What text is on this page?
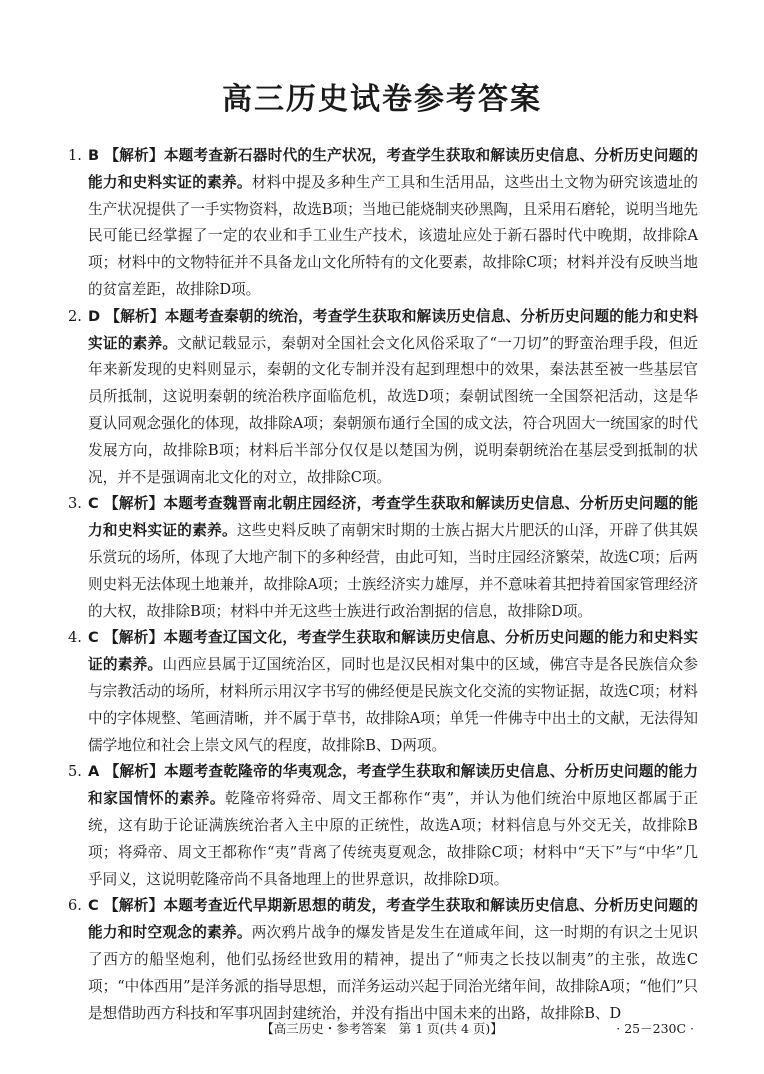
高三历史试卷参考答案

1. B 【解析】本题考查新石器时代的生产状况，考查学生获取和解读历史信息、分析历史问题的能力和史料实证的素养。材料中提及多种生产工具和生活用品，这些出土文物为研究该遗址的生产状况提供了一手实物资料，故选B项；当地已能烧制夹砂黑陶，且采用石磨轮，说明当地先民可能已经掌握了一定的农业和手工业生产技术，该遗址应处于新石器时代中晚期，故排除A项；材料中的文物特征并不具备龙山文化所特有的文化要素，故排除C项；材料并没有反映当地的贫富差距，故排除D项。

2. D 【解析】本题考查秦朝的统治，考查学生获取和解读历史信息、分析历史问题的能力和史料实证的素养。文献记载显示，秦朝对全国社会文化风俗采取了“一刀切”的野蛮治理手段，但近年来新发现的史料则显示，秦朝的文化专制并没有起到理想中的效果，秦法甚至被一些基层官员所抵制，这说明秦朝的统治秩序面临危机，故选D项；秦朝试图统一全国祭祀活动，这是华夏认同观念强化的体现，故排除A项；秦朝颁布通行全国的成文法，符合巩固大一统国家的时代发展方向，故排除B项；材料后半部分仅仅是以楚国为例，说明秦朝统治在基层受到抵制的状况，并不是强调南北文化的对立，故排除C项。

3. C 【解析】本题考查魏晋南北朝庄园经济，考查学生获取和解读历史信息、分析历史问题的能力和史料实证的素养。这些史料反映了南朝宋时期的士族占据大片肥沃的山泽，开辟了供其娱乐赏玩的场所，体现了大地产制下的多种经营，由此可知，当时庄园经济繁荣，故选C项；后两则史料无法体现土地兼并，故排除A项；士族经济实力雄厚，并不意味着其把持着国家管理经济的大权，故排除B项；材料中并无这些士族进行政治割据的信息，故排除D项。

4. C 【解析】本题考查辽国文化，考查学生获取和解读历史信息、分析历史问题的能力和史料实证的素养。山西应县属于辽国统治区，同时也是汉民相对集中的区域，佛宫寺是各民族信众参与宗教活动的场所，材料所示用汉字书写的佛经便是民族文化交流的实物证据，故选C项；材料中的字体规整、笔画清晰，并不属于草书，故排除A项；单凭一件佛寺中出土的文献，无法得知儒学地位和社会上崇文风气的程度，故排除B、D两项。

5. A 【解析】本题考查乾隆帝的华夷观念，考查学生获取和解读历史信息、分析历史问题的能力和家国情怀的素养。乾隆帝将舜帝、周文王都称作“夷”，并认为他们统治中原地区都属于正统，这有助于论证满族统治者入主中原的正统性，故选A项；材料信息与外交无关，故排除B项；将舜帝、周文王都称作“夷”背离了传统夷夏观念，故排除C项；材料中“天下”与“中华”几乎同义，这说明乾隆帝尚不具备地理上的世界意识，故排除D项。

6. C 【解析】本题考查近代早期新思想的萌发，考查学生获取和解读历史信息、分析历史问题的能力和时空观念的素养。两次鸦片战争的爆发皆是发生在道咸年间，这一时期的有识之士见识了西方的船坚炮利，他们弘扬经世致用的精神，提出了“师夷之长技以制夷”的主张，故选C项；“中体西用”是洋务派的指导思想，而洋务运动兴起于同治光绪年间，故排除A项；“他们”只是想借助西方科技和军事巩固封建统治，并没有指出中国未来的出路，故排除B、D

【高三历史・参考答案　第 1 页(共 4 页)】	· 25－230C ·
